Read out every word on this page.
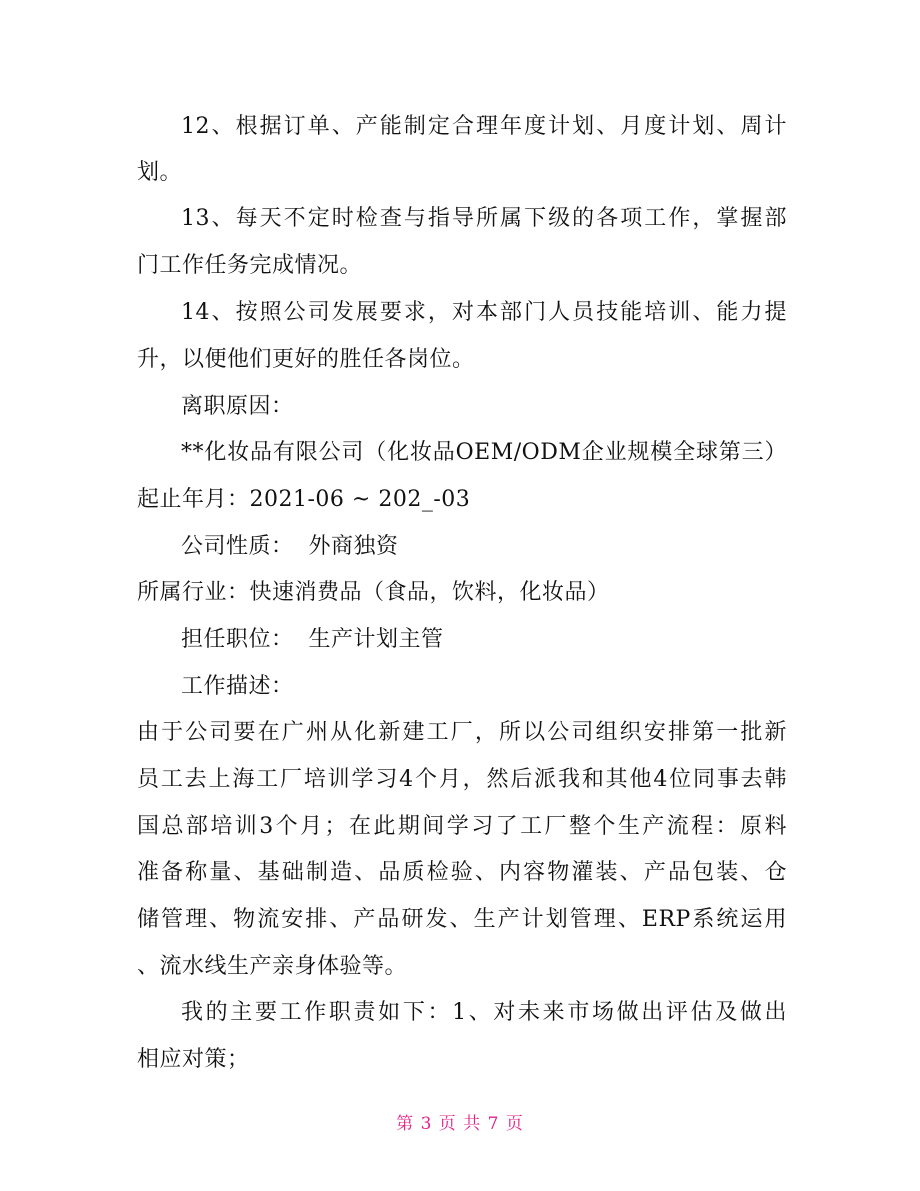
12、根据订单、产能制定合理年度计划、月度计划、周计
划。
13、每天不定时检查与指导所属下级的各项工作，掌握部
门工作任务完成情况。
14、按照公司发展要求，对本部门人员技能培训、能力提
升，以便他们更好的胜任各岗位。
离职原因：
**化妆品有限公司（化妆品OEM/ODM企业规模全球第三）
起止年月：2021-06 ~ 202_-03
公司性质：  外商独资
所属行业：快速消费品（食品，饮料，化妆品）
担任职位：  生产计划主管
工作描述：
由于公司要在广州从化新建工厂，所以公司组织安排第一批新
员工去上海工厂培训学习4个月，然后派我和其他4位同事去韩
国总部培训3个月；在此期间学习了工厂整个生产流程：原料
准备称量、基础制造、品质检验、内容物灌装、产品包装、仓
储管理、物流安排、产品研发、生产计划管理、ERP系统运用
、流水线生产亲身体验等。
我的主要工作职责如下：1、对未来市场做出评估及做出
相应对策；
第 3 页 共 7 页
